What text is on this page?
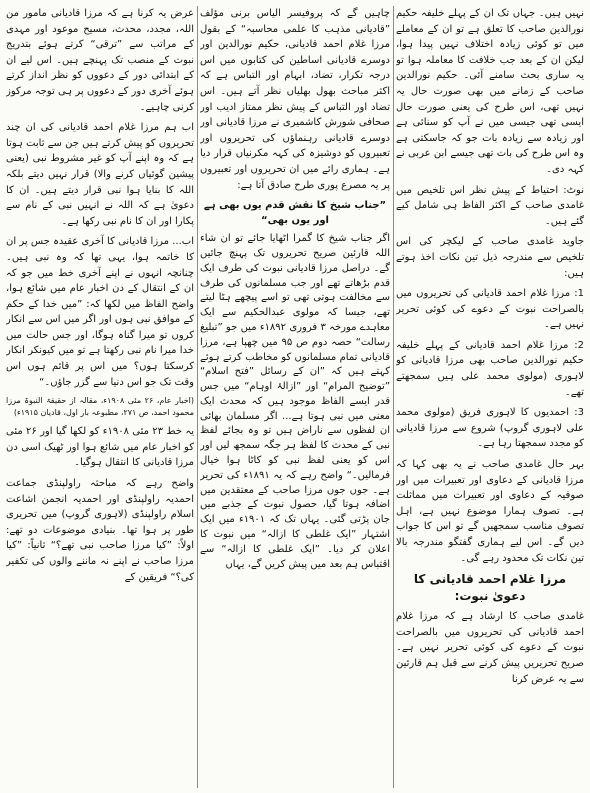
نہیں ہیں۔ جہاں تک ان کے پہلے خلیفہ حکیم نورالدین صاحب کا تعلق ہے تو ان کے معاملے میں تو کوئی زیادہ اختلاف نہیں پیدا ہوا، لیکن ان کے بعد جب خلافت کا معاملہ ہوا تو یہ ساری بحث سامنے آئی۔ حکیم نورالدین صاحب کے زمانے میں بھی صورت حال یہ نہیں تھی، اس طرح کی یعنی صورت حال ایسی تھی جیسی میں نے آپ کو سنائی ہے اور زیادہ سے زیادہ بات جو کہ جاسکتی ہے وہ اس طرح کی بات تھی جیسے ابن عربی نے کہہ دی۔

نوٹ: احتیاط کے پیش نظر اس تلخیص میں غامدی صاحب کے اکثر الفاظ ہی شامل کیے گئے ہیں۔

جاوید غامدی صاحب کے لیکچر کی اس تلخیص سے مندرجہ ذیل تین نکات اخذ ہوتے ہیں:

1: مرزا غلام احمد قادیانی کی تحریروں میں بالصراحت نبوت کے دعوے کی کوئی تحریر نہیں ہے۔

2: مرزا غلام احمد قادیانی کے پہلے خلیفہ حکیم نورالدین صاحب بھی مرزا قادیانی کو لاہوری (مولوی محمد علی ہیں سمجھتے تھے۔

3: احمدیوں کا لاہوری فریق (مولوی محمد علی لاہوری گروپ) شروع سے مرزا قادیانی کو مجدد سمجھتا رہا ہے۔

بہر حال غامدی صاحب نے یہ بھی کہا کہ مرزا قادیانی کے دعاوی اور تعبیرات میں اور صوفیہ کے دعاوی اور تعبیرات میں مماثلت ہے۔ تصوف ہمارا موضوع نہیں ہے، اہل تصوف مناسب سمجھیں گے تو اس کا جواب دیں گے۔ اس لیے ہماری گفتگو مندرجہ بالا تین نکات تک محدود رہے گی۔

مرزا غلام احمد قادیانی کا دعویٰ نبوت:

غامدی صاحب کا ارشاد ہے کہ مرزا غلام احمد قادیانی کی تحریروں میں بالصراحت نبوت کے دعوے کی کوئی تحریر نہیں ہے۔ صریح تحریریں پیش کرنے سے قبل ہم قارئین سے یہ عرض کرنا

چاہیں گے کہ پروفیسر الیاس برنی مؤلف ”قادیانی مذہب کا علمی محاسبہ“ کے بقول مرزا غلام احمد قادیانی، حکیم نورالدین اور دوسرے قادیانی اساطین کی کتابوں میں اس درجہ تکرار، تضاد، ابہام اور التباس ہے کہ اکثر مباحث بھول بھلیاں نظر آتے ہیں۔ اس تضاد اور التباس کے پیش نظر ممتاز ادیب اور صحافی شورش کاشمیری نے مرزا قادیانی اور دوسرے قادیانی رہنماؤں کی تحریروں اور تعبیروں کو دوشیزہ کی کہہ مکرنیاں قرار دیا ہے۔ ہماری رائے میں ان تحریروں اور تعبیروں پر یہ مصرع پوری طرح صادق آتا ہے:

”جناب شیخ کا نقش قدم یوں بھی ہے اور یوں بھی“

اگر جناب شیخ کا گمرا اٹھایا جائے تو ان شاء اللہ قارئین صریح تحریروں تک پہنچ جائیں گے۔ دراصل مرزا قادیانی نبوت کی طرف ایک قدم بڑھاتے تھے اور جب مسلمانوں کی طرف سے مخالفت ہوتی تھی تو اسے پیچھے ہٹا لیتے تھے، جیسا کہ مولوی عبدالحکیم سے ایک معاہدے مورخہ ۳ فروری ۱۸۹۲ء میں جو ”تبلیغ رسالت“ حصہ دوم ص ۹۵ میں چھپا ہے، مرزا قادیانی تمام مسلمانوں کو مخاطب کرتے ہوئے کہتے ہیں کہ ”ان کے رسائل ”فتح اسلام“ ”توضیح المرام“ اور ”ازالۂ اوہام“ میں جس قدر ایسے الفاظ موجود ہیں کہ محدث ایک معنی میں نبی ہوتا ہے... اگر مسلمان بھائی ان لفظوں سے ناراض ہیں تو وہ بجائے لفظ نبی کے محدث کا لفظ ہر جگہ سمجھ لیں اور اس کو یعنی لفظ نبی کو کاٹا ہوا خیال فرمالیں۔“ واضح رہے کہ یہ ۱۸۹۱ء کی تحریر ہے۔ جوں جوں مرزا صاحب کے معتقدین میں اضافہ ہوتا گیا، حصول نبوت کے جذبے میں جان پڑتی گئی۔ یہاں تک کہ ۱۹۰۱ء میں ایک اشتہار ”ایک غلطی کا ازالہ“ میں نبوت کا اعلان کر دیا۔ ”ایک غلطی کا ازالہ“ سے اقتباس ہم بعد میں پیش کریں گے، یہاں

عرض یہ کرنا ہے کہ مرزا قادیانی مامور من اللہ، مجدد، محدث، مسیح موعود اور مہدی کے مراتب سے ”ترقی“ کرتے ہوئے بتدریج نبوت کے منصب تک پہنچے ہیں۔ اس لیے ان کے ابتدائی دور کے دعووں کو نظر انداز کرتے ہوئے آخری دور کے دعووں پر ہی توجہ مرکوز کرنی چاہیے۔

اب ہم مرزا غلام احمد قادیانی کی ان چند تحریروں کو پیش کرتے ہیں جن سے ثابت ہوتا ہے کہ وہ اپنے آپ کو غیر مشروط نبی (یعنی پیشین گوئیاں کرنے والا) قرار نہیں دیتے بلکہ اللہ کا بنایا ہوا نبی قرار دیتے ہیں۔ ان کا دعویٰ ہے کہ اللہ نے انہیں نبی کے نام سے پکارا اور ان کا نام نبی رکھا ہے۔

اب... مرزا قادیانی کا آخری عقیدہ جس پر ان کا خاتمہ ہوا، یہی تھا کہ وہ نبی ہیں۔ چنانچہ انہوں نے اپنے آخری خط میں جو کہ ان کے انتقال کے دن اخبار عام میں شائع ہوا، واضح الفاظ میں لکھا کہ: ”میں خدا کے حکم کے موافق نبی ہوں اور اگر میں اس سے انکار کروں تو میرا گناہ ہوگا، اور جس حالت میں خدا میرا نام نبی رکھتا ہے تو میں کیونکر انکار کرسکتا ہوں؟ میں اس پر قائم ہوں اس وقت تک جو اس دنیا سے گزر جاؤں۔“

(اخبار عام، ۲۶ مئی ۱۹۰۸ء، مقالہ از حقیقۃ النبوۃ مرزا محمود احمد، ص ۲۷۱، مطبوعہ بار اول، قادیان ۱۹۱۵ء)

یہ خط ۲۳ مئی ۱۹۰۸ء کو لکھا گیا اور ۲۶ مئی کو اخبار عام میں شائع ہوا اور ٹھیک اسی دن مرزا قادیانی کا انتقال ہوگیا۔

واضح رہے کہ مباحثہ راولپنڈی جماعت احمدیہ راولپنڈی اور احمدیہ انجمن اشاعت اسلام راولپنڈی (لاہوری گروپ) میں تحریری طور پر ہوا تھا۔ بنیادی موضوعات دو تھے: اولاً: ”کیا مرزا صاحب نبی تھے؟“ ثانیاً: ”کیا مرزا صاحب نے اپنے نہ ماننے والوں کی تکفیر کی؟“ فریقین کے
